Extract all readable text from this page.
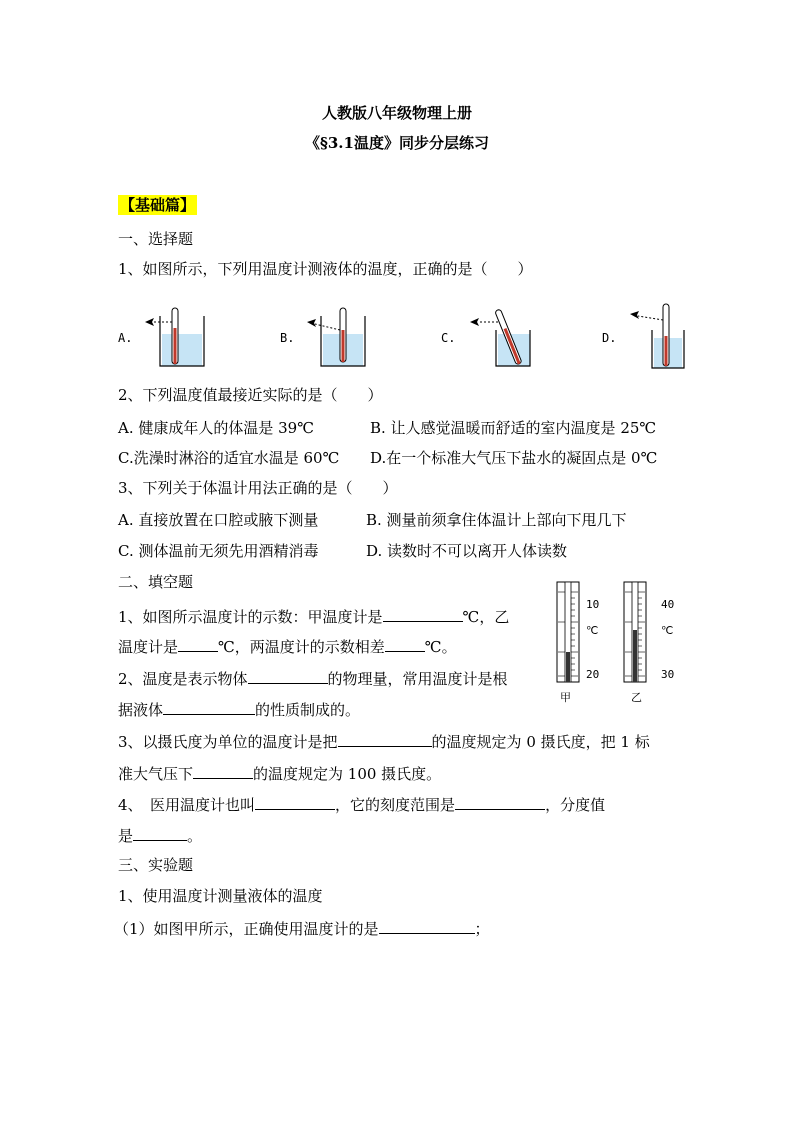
人教版八年级物理上册
《§3.1温度》同步分层练习
【基础篇】
一、选择题
1、如图所示，下列用温度计测液体的温度，正确的是（　　）
A.	B.	C.	D.
2、下列温度值最接近实际的是（　　）
A. 健康成年人的体温是 39℃	B. 让人感觉温暖而舒适的室内温度是 25℃
C.洗澡时淋浴的适宜水温是 60℃ D.在一个标准大气压下盐水的凝固点是 0℃
3、下列关于体温计用法正确的是（　　）
A. 直接放置在口腔或腋下测量	B. 测量前须拿住体温计上部向下甩几下
C. 测体温前无须先用酒精消毒	D. 读数时不可以离开人体读数
二、填空题
1、如图所示温度计的示数：甲温度计是	℃，乙
温度计是	℃，两温度计的示数相差	℃。
2、温度是表示物体	的物理量，常用温度计是根
据液体	的性质制成的。
10
℃
20
甲
40
℃
30
乙
3、以摄氏度为单位的温度计是把	的温度规定为 0 摄氏度，把 1 标
准大气压下	的温度规定为 100 摄氏度。
4、　医用温度计也叫	，它的刻度范围是	，分度值
是	。
三、实验题
1、使用温度计测量液体的温度
（1）如图甲所示，正确使用温度计的是	；
